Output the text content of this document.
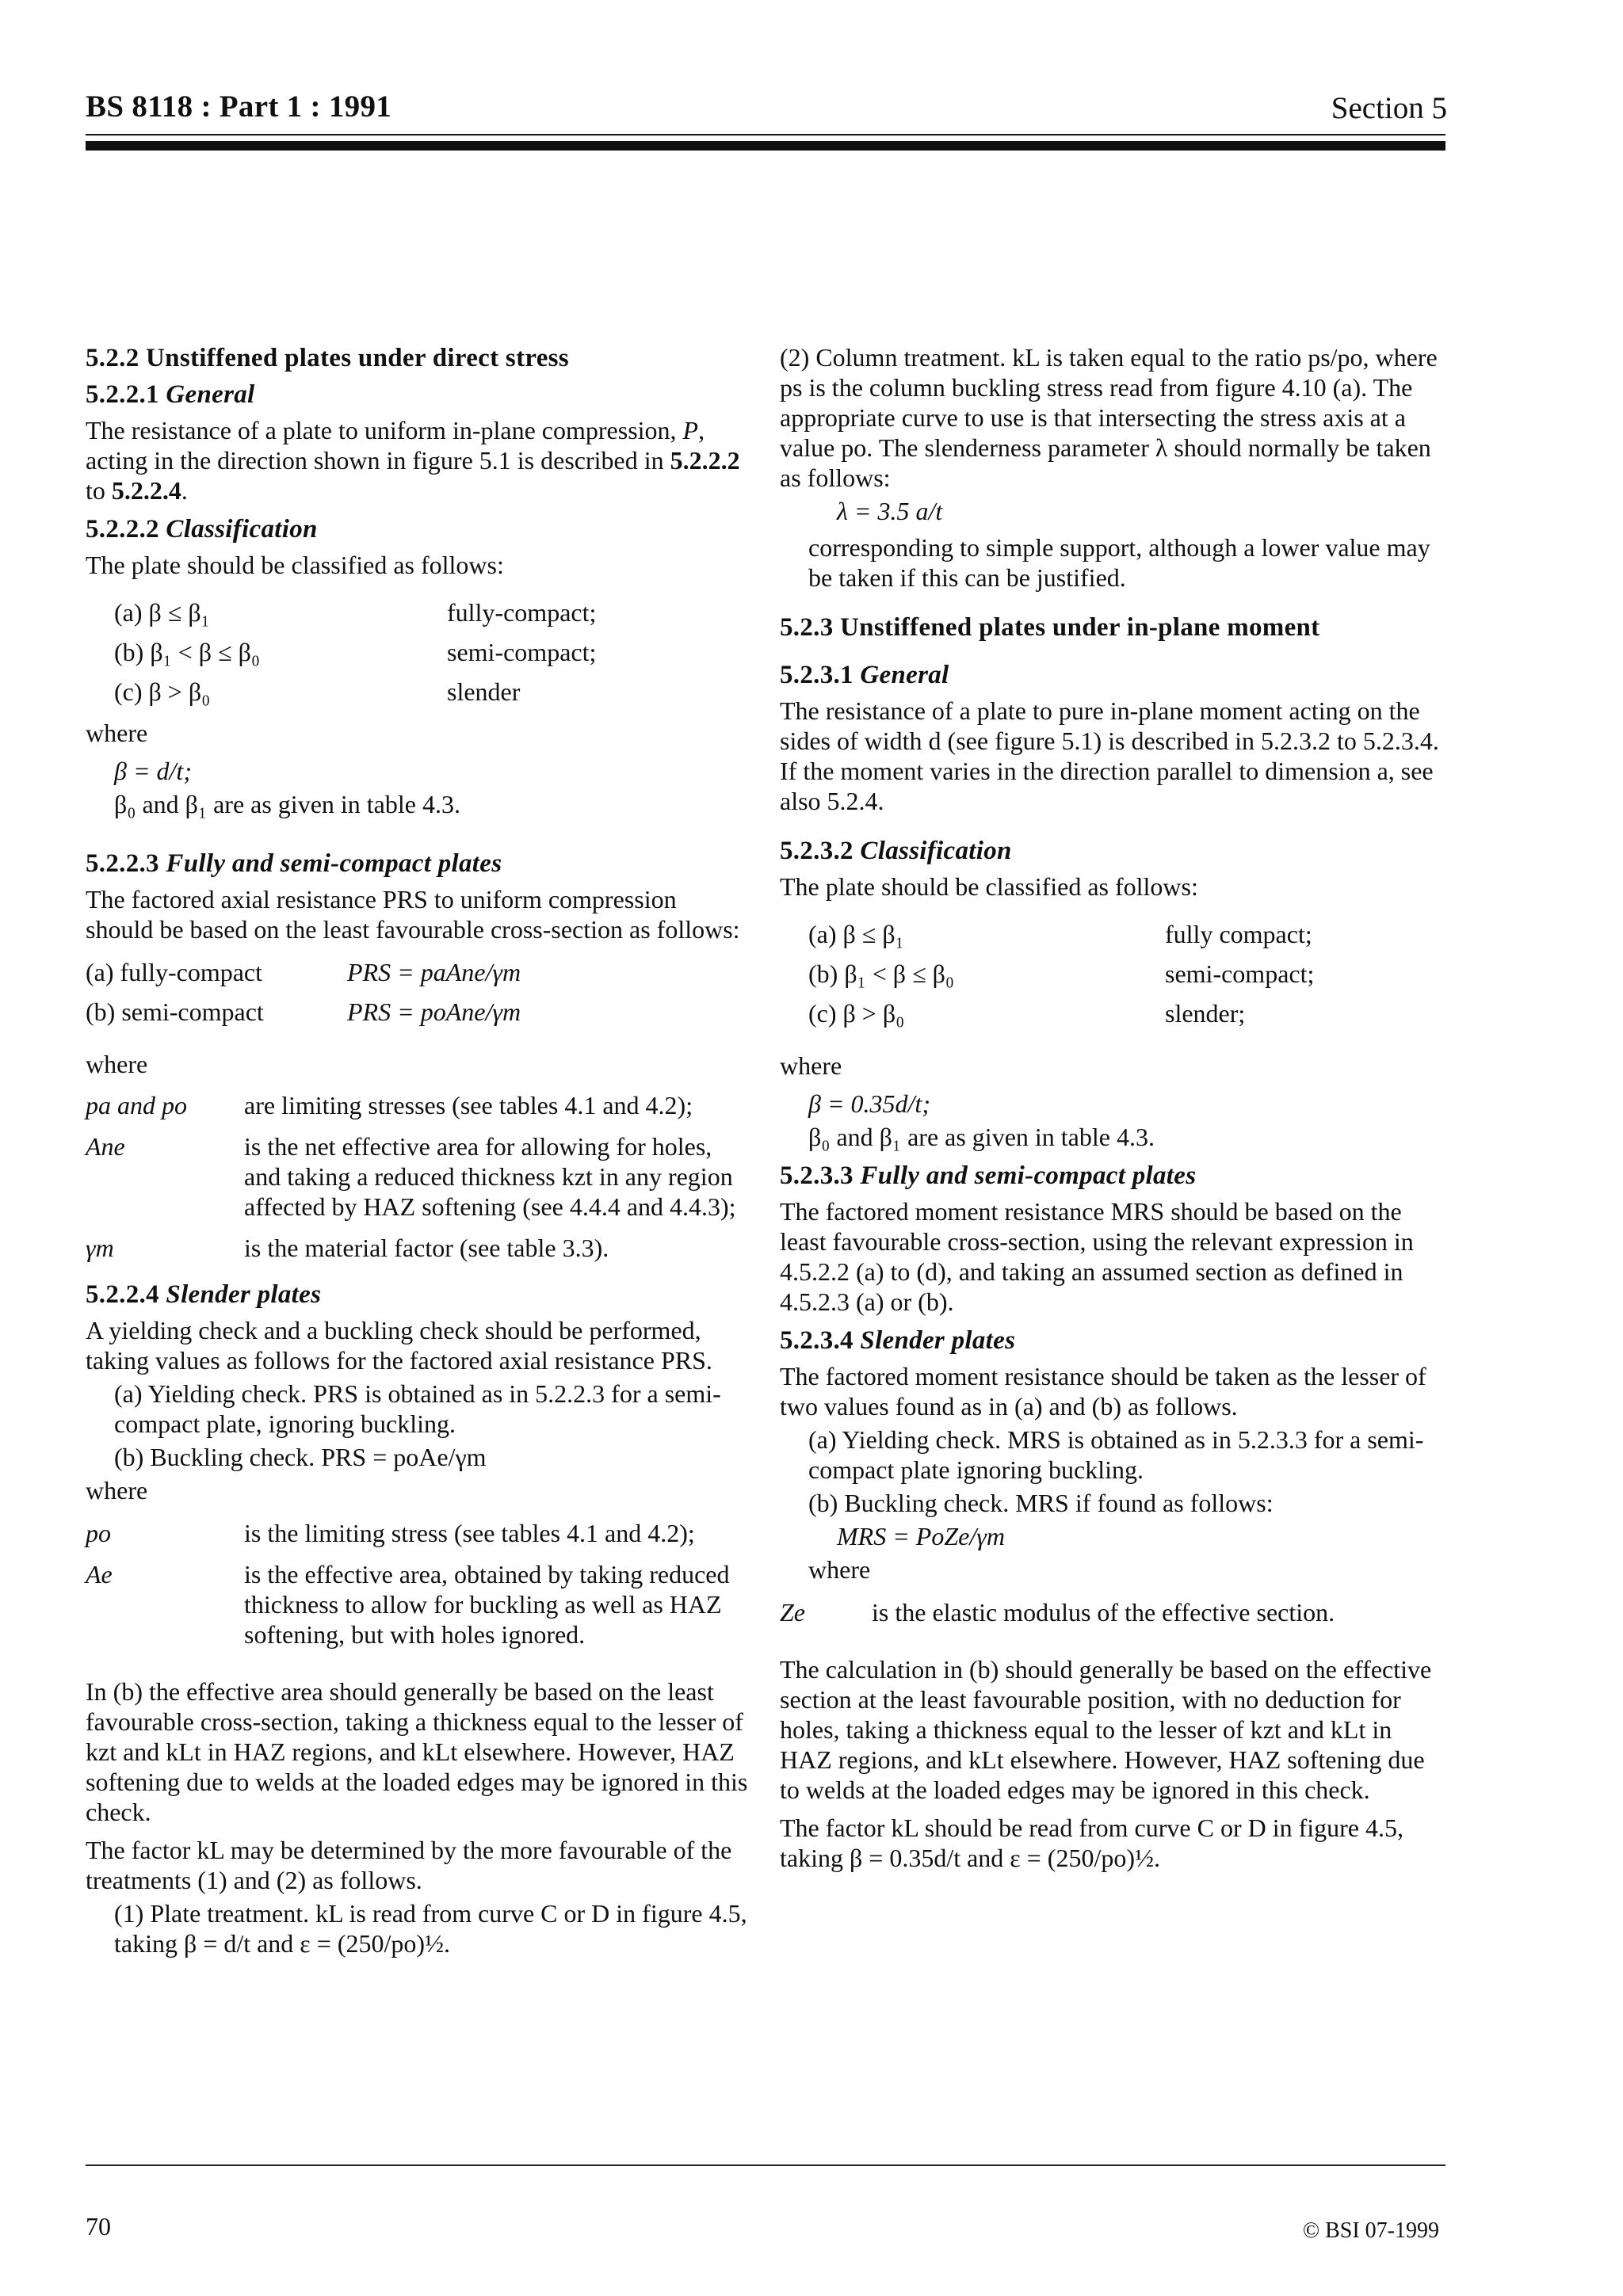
BS 8118 : Part 1 : 1991	Section 5
5.2.2 Unstiffened plates under direct stress
5.2.2.1 General

The resistance of a plate to uniform in-plane compression, P, acting in the direction shown in figure 5.1 is described in 5.2.2.2 to 5.2.2.4.

5.2.2.2 Classification

The plate should be classified as follows:

(a) β ≤ β₁	fully-compact;
(b) β₁ < β ≤ β₀	semi-compact;
(c) β > β₀	slender

where

β = d/t;

β₀ and β₁ are as given in table 4.3.

5.2.2.3 Fully and semi-compact plates

The factored axial resistance PRS to uniform compression should be based on the least favourable cross-section as follows:

(a) fully-compact	PRS = paAne/γm
(b) semi-compact	PRS = poAne/γm

where

pa and po	are limiting stresses (see tables 4.1 and 4.2);
Ane	is the net effective area for allowing for holes, and taking a reduced thickness kzt in any region affected by HAZ softening (see 4.4.4 and 4.4.3);
γm	is the material factor (see table 3.3).
5.2.2.4 Slender plates

A yielding check and a buckling check should be performed, taking values as follows for the factored axial resistance PRS.

(a) Yielding check. PRS is obtained as in 5.2.2.3 for a semi-compact plate, ignoring buckling.

(b) Buckling check. PRS = poAe/γm

where

po	is the limiting stress (see tables 4.1 and 4.2);
Ae	is the effective area, obtained by taking reduced thickness to allow for buckling as well as HAZ softening, but with holes ignored.

In (b) the effective area should generally be based on the least favourable cross-section, taking a thickness equal to the lesser of kzt and kLt in HAZ regions, and kLt elsewhere. However, HAZ softening due to welds at the loaded edges may be ignored in this check.

The factor kL may be determined by the more favourable of the treatments (1) and (2) as follows.

(1) Plate treatment. kL is read from curve C or D in figure 4.5, taking β = d/t and ε = (250/po)½.

(2) Column treatment. kL is taken equal to the ratio ps/po, where ps is the column buckling stress read from figure 4.10 (a). The appropriate curve to use is that intersecting the stress axis at a value po. The slenderness parameter λ should normally be taken as follows:

λ = 3.5 a/t

corresponding to simple support, although a lower value may be taken if this can be justified.

5.2.3 Unstiffened plates under in-plane moment
5.2.3.1 General

The resistance of a plate to pure in-plane moment acting on the sides of width d (see figure 5.1) is described in 5.2.3.2 to 5.2.3.4. If the moment varies in the direction parallel to dimension a, see also 5.2.4.

5.2.3.2 Classification

The plate should be classified as follows:

(a) β ≤ β₁	fully compact;
(b) β₁ < β ≤ β₀	semi-compact;
(c) β > β₀	slender;

where

β = 0.35d/t;

β₀ and β₁ are as given in table 4.3.

5.2.3.3 Fully and semi-compact plates

The factored moment resistance MRS should be based on the least favourable cross-section, using the relevant expression in 4.5.2.2 (a) to (d), and taking an assumed section as defined in 4.5.2.3 (a) or (b).

5.2.3.4 Slender plates

The factored moment resistance should be taken as the lesser of two values found as in (a) and (b) as follows.

(a) Yielding check. MRS is obtained as in 5.2.3.3 for a semi-compact plate ignoring buckling.

(b) Buckling check. MRS if found as follows:

MRS = PoZe/γm

where

Ze	is the elastic modulus of the effective section.

The calculation in (b) should generally be based on the effective section at the least favourable position, with no deduction for holes, taking a thickness equal to the lesser of kzt and kLt in HAZ regions, and kLt elsewhere. However, HAZ softening due to welds at the loaded edges may be ignored in this check.

The factor kL should be read from curve C or D in figure 4.5, taking β = 0.35d/t and ε = (250/po)½.

70	© BSI 07-1999
